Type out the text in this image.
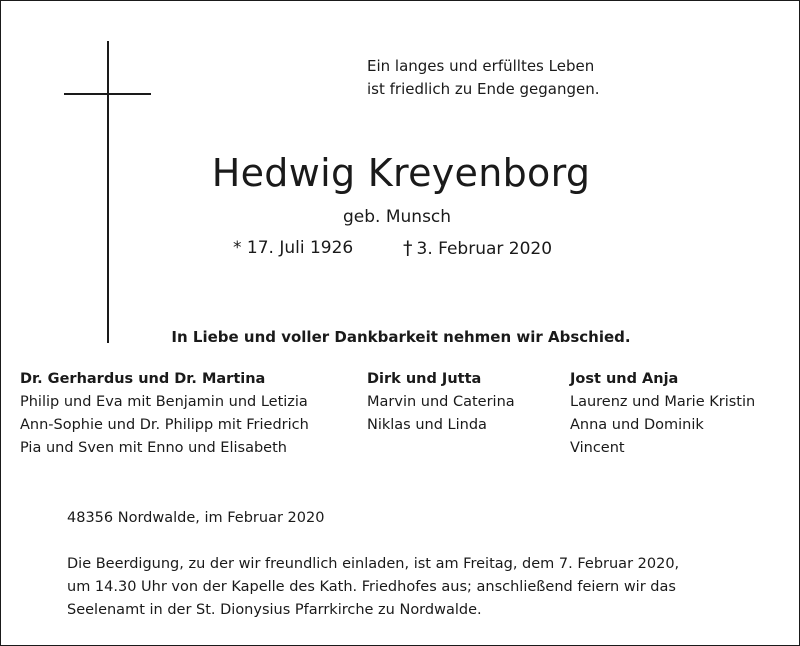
Ein langes und erfülltes Leben
ist friedlich zu Ende gegangen.

Hedwig Kreyenborg

geb. Munsch

* 17. Juli 1926	† 3. Februar 2020

In Liebe und voller Dankbarkeit nehmen wir Abschied.

Dr. Gerhardus und Dr. Martina
Philip und Eva mit Benjamin und Letizia
Ann-Sophie und Dr. Philipp mit Friedrich
Pia und Sven mit Enno und Elisabeth
Dirk und Jutta
Marvin und Caterina
Niklas und Linda
Jost und Anja
Laurenz und Marie Kristin
Anna und Dominik
Vincent

48356 Nordwalde, im Februar 2020

Die Beerdigung, zu der wir freundlich einladen, ist am Freitag, dem 7. Februar 2020,
um 14.30 Uhr von der Kapelle des Kath. Friedhofes aus; anschließend feiern wir das
Seelenamt in der St. Dionysius Pfarrkirche zu Nordwalde.
